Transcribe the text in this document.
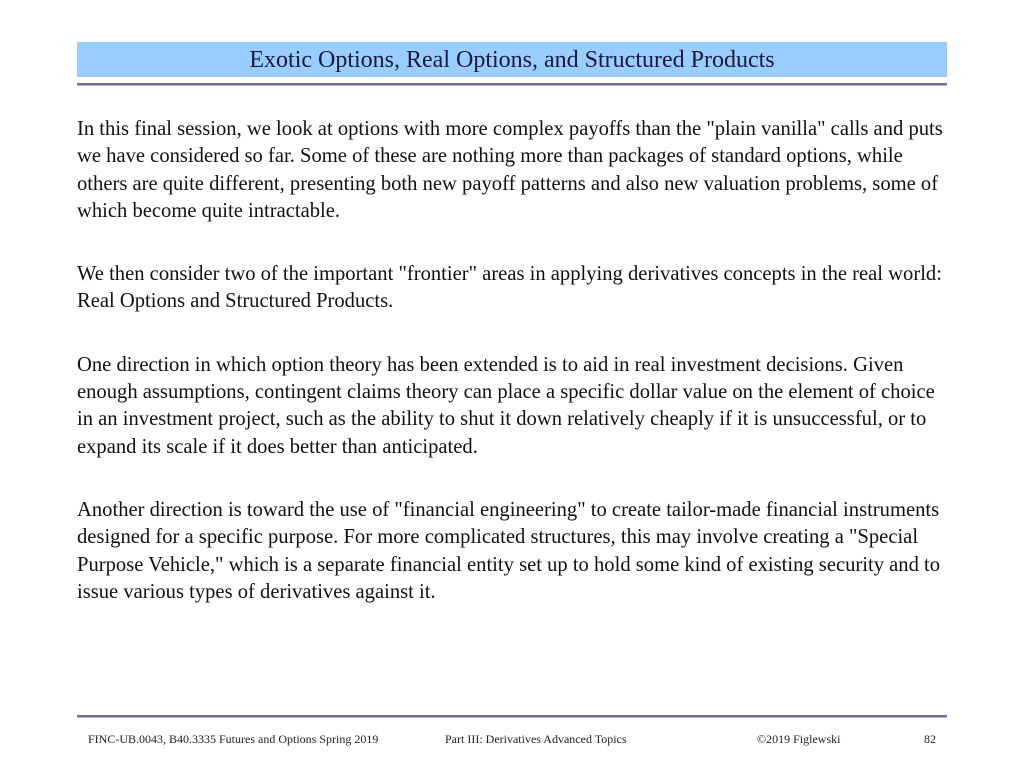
Exotic Options, Real Options, and Structured Products

In this final session, we look at options with more complex payoffs than the "plain vanilla" calls and puts we have considered so far. Some of these are nothing more than packages of standard options, while others are quite different, presenting both new payoff patterns and also new valuation problems, some of which become quite intractable.

We then consider two of the important "frontier" areas in applying derivatives concepts in the real world: Real Options and Structured Products.

One direction in which option theory has been extended is to aid in real investment decisions. Given enough assumptions, contingent claims theory can place a specific dollar value on the element of choice in an investment project, such as the ability to shut it down relatively cheaply if it is unsuccessful, or to expand its scale if it does better than anticipated.

Another direction is toward the use of "financial engineering" to create tailor-made financial instruments designed for a specific purpose. For more complicated structures, this may involve creating a "Special Purpose Vehicle," which is a separate financial entity set up to hold some kind of existing security and to issue various types of derivatives against it.

FINC-UB.0043, B40.3335 Futures and Options Spring 2019	Part III: Derivatives Advanced Topics	©2019 Figlewski	82
